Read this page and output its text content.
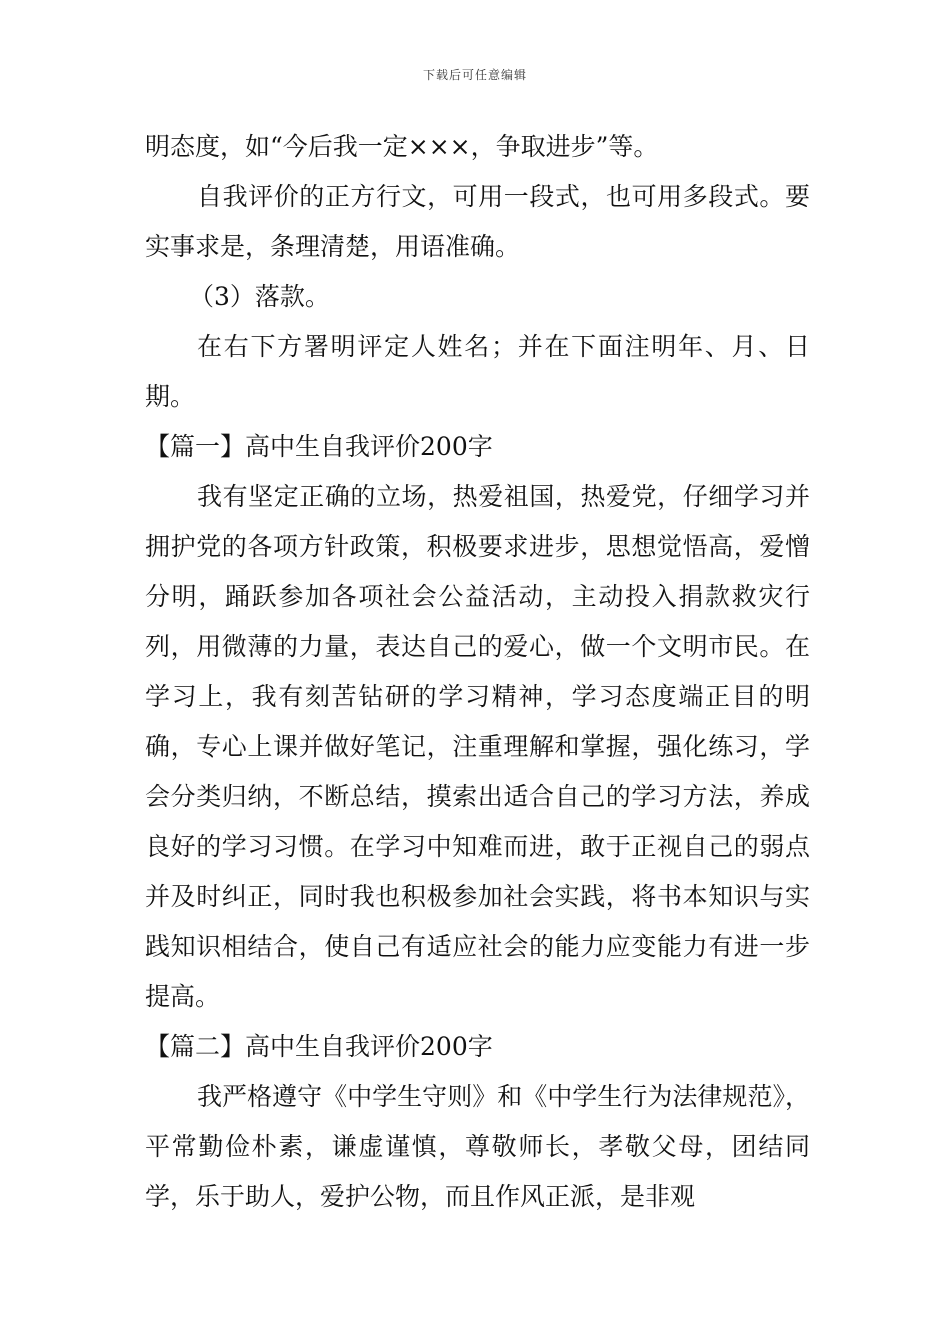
下载后可任意编辑

明态度，如“今后我一定×××，争取进步”等。

自我评价的正方行文，可用一段式，也可用多段式。要实事求是，条理清楚，用语准确。

（3）落款。

在右下方署明评定人姓名；并在下面注明年、月、日期。

【篇一】高中生自我评价200字

我有坚定正确的立场，热爱祖国，热爱党，仔细学习并拥护党的各项方针政策，积极要求进步，思想觉悟高，爱憎分明，踊跃参加各项社会公益活动，主动投入捐款救灾行列，用微薄的力量，表达自己的爱心，做一个文明市民。在学习上，我有刻苦钻研的学习精神，学习态度端正目的明确，专心上课并做好笔记，注重理解和掌握，强化练习，学会分类归纳，不断总结，摸索出适合自己的学习方法，养成良好的学习习惯。在学习中知难而进，敢于正视自己的弱点并及时纠正，同时我也积极参加社会实践，将书本知识与实践知识相结合，使自己有适应社会的能力应变能力有进一步提高。

【篇二】高中生自我评价200字

我严格遵守《中学生守则》和《中学生行为法律规范》，平常勤俭朴素，谦虚谨慎，尊敬师长，孝敬父母，团结同学，乐于助人，爱护公物，而且作风正派，是非观
